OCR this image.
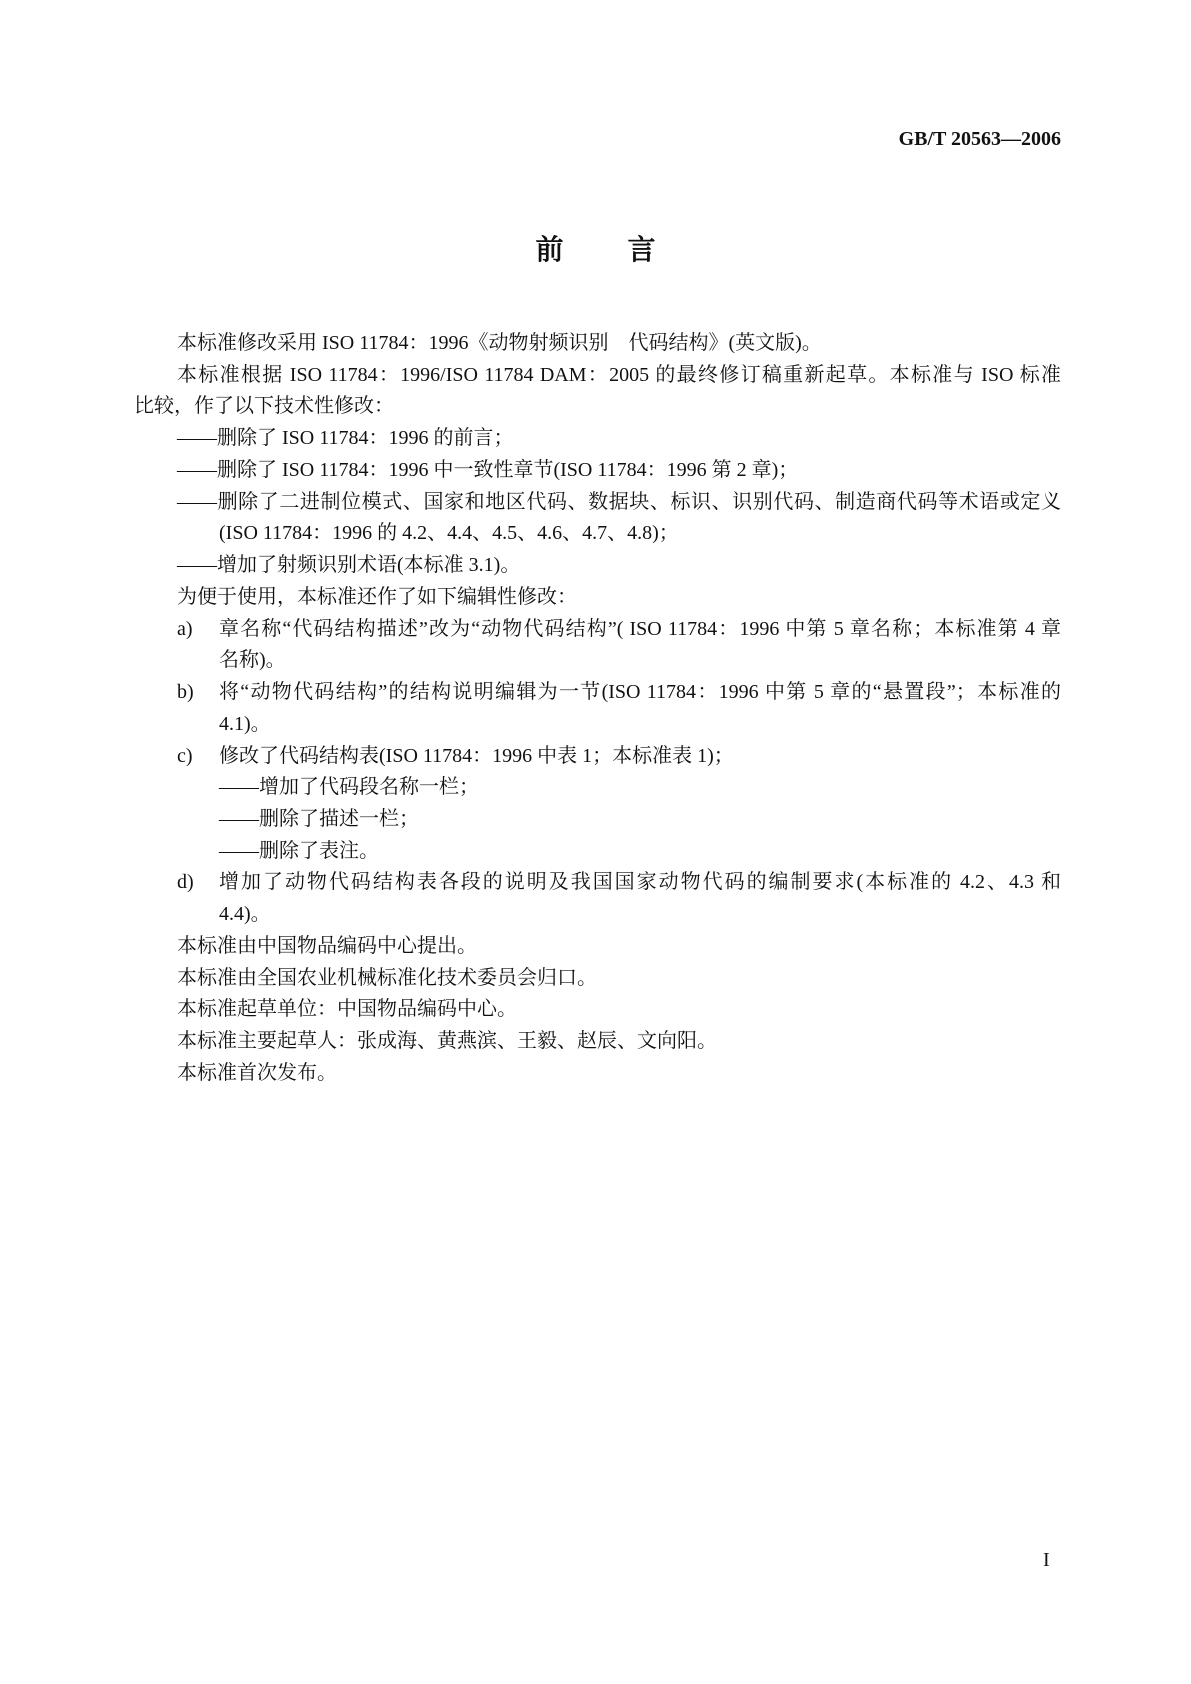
GB/T 20563—2006
前　言
本标准修改采用 ISO 11784：1996《动物射频识别　代码结构》(英文版)。
本标准根据 ISO 11784：1996/ISO 11784 DAM：2005 的最终修订稿重新起草。本标准与 ISO 标准
比较，作了以下技术性修改：
——删除了 ISO 11784：1996 的前言；
——删除了 ISO 11784：1996 中一致性章节(ISO 11784：1996 第 2 章)；
——删除了二进制位模式、国家和地区代码、数据块、标识、识别代码、制造商代码等术语或定义
(ISO 11784：1996 的 4.2、4.4、4.5、4.6、4.7、4.8)；
——增加了射频识别术语(本标准 3.1)。
为便于使用，本标准还作了如下编辑性修改：
a) 章名称“代码结构描述”改为“动物代码结构”( ISO 11784：1996 中第 5 章名称；本标准第 4 章
名称)。
b) 将“动物代码结构”的结构说明编辑为一节(ISO 11784：1996 中第 5 章的“悬置段”；本标准的
4.1)。
c) 修改了代码结构表(ISO 11784：1996 中表 1；本标准表 1)；
——增加了代码段名称一栏；
——删除了描述一栏；
——删除了表注。
d) 增加了动物代码结构表各段的说明及我国国家动物代码的编制要求(本标准的 4.2、4.3 和
4.4)。
本标准由中国物品编码中心提出。
本标准由全国农业机械标准化技术委员会归口。
本标准起草单位：中国物品编码中心。
本标准主要起草人：张成海、黄燕滨、王毅、赵辰、文向阳。
本标准首次发布。
I
